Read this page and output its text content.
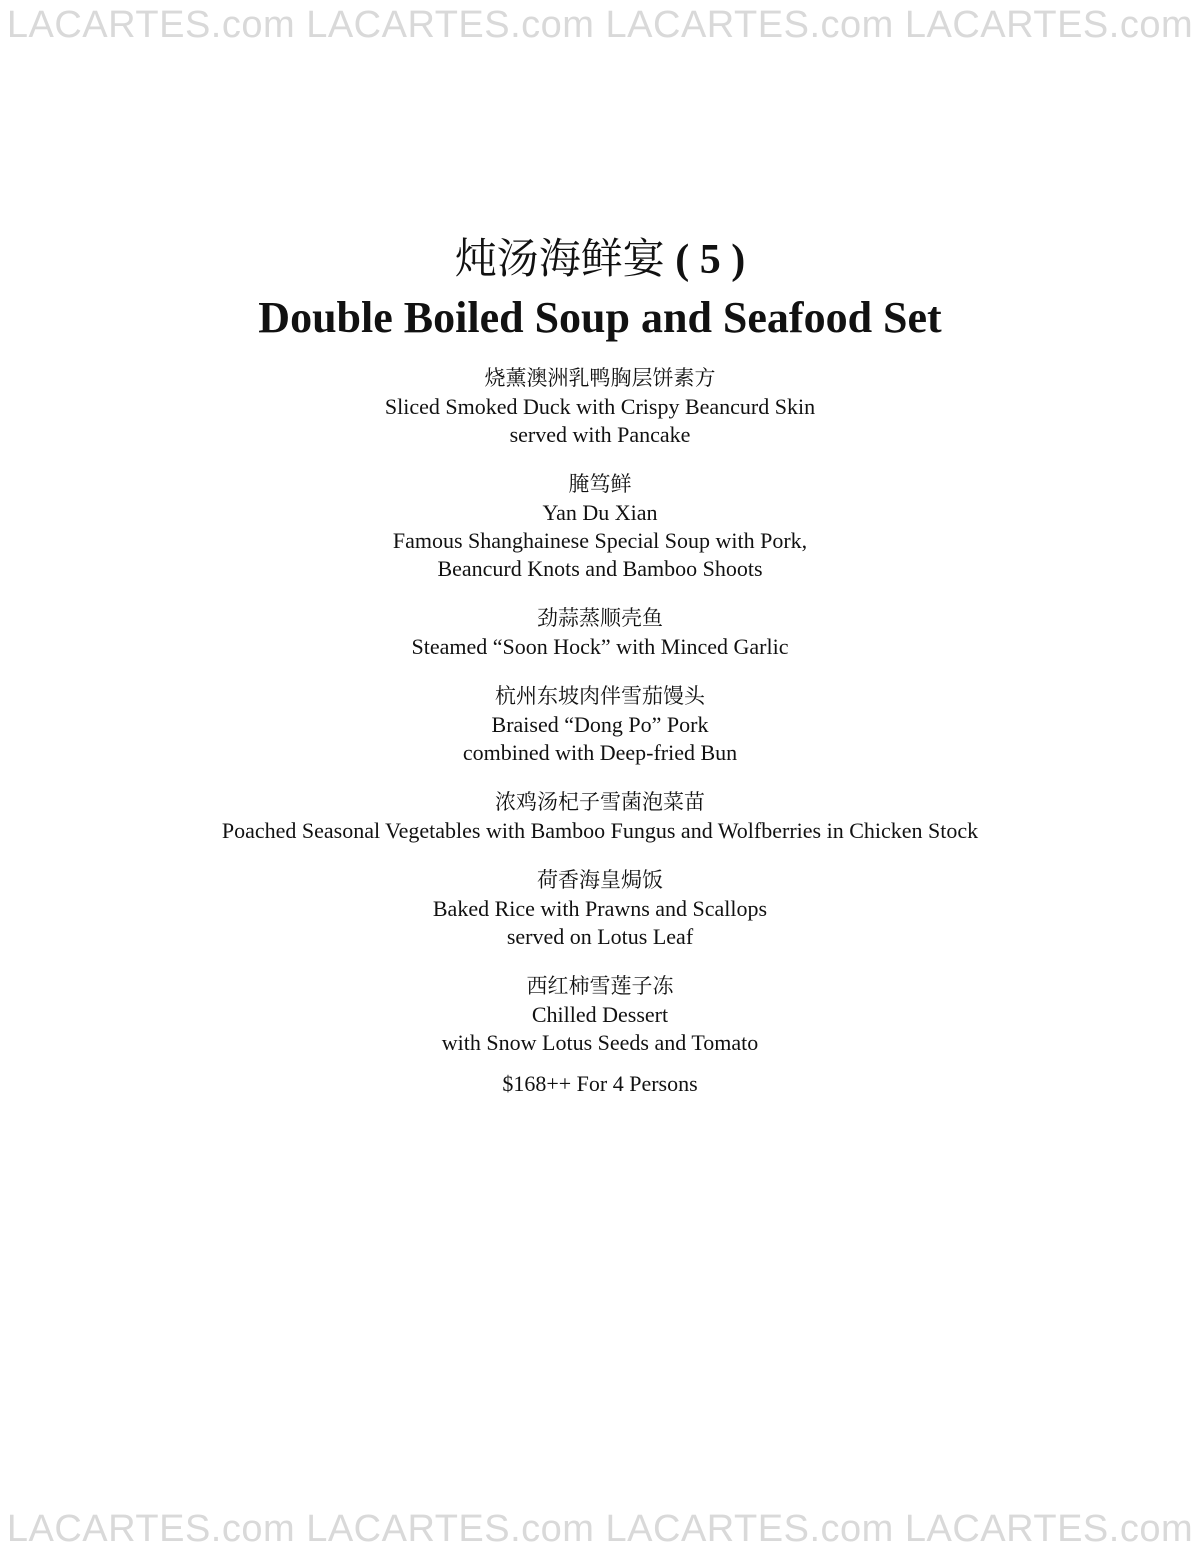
LACARTES.com LACARTES.com LACARTES.com LACARTES.com
炖汤海鲜宴 ( 5 )
Double Boiled Soup and Seafood Set
烧薰澳洲乳鸭胸层饼素方
Sliced Smoked Duck with Crispy Beancurd Skin
served with Pancake
腌笃鲜
Yan Du Xian
Famous Shanghainese Special Soup with Pork,
Beancurd Knots and Bamboo Shoots
劲蒜蒸顺壳鱼
Steamed “Soon Hock” with Minced Garlic
杭州东坡肉伴雪茄馒头
Braised “Dong Po” Pork
combined with Deep-fried Bun
浓鸡汤杞子雪菌泡菜苗
Poached Seasonal Vegetables with Bamboo Fungus and Wolfberries in Chicken Stock
荷香海皇焗饭
Baked Rice with Prawns and Scallops
served on Lotus Leaf
西红柿雪莲子冻
Chilled Dessert
with Snow Lotus Seeds and Tomato
$168++ For 4 Persons
LACARTES.com LACARTES.com LACARTES.com LACARTES.com
